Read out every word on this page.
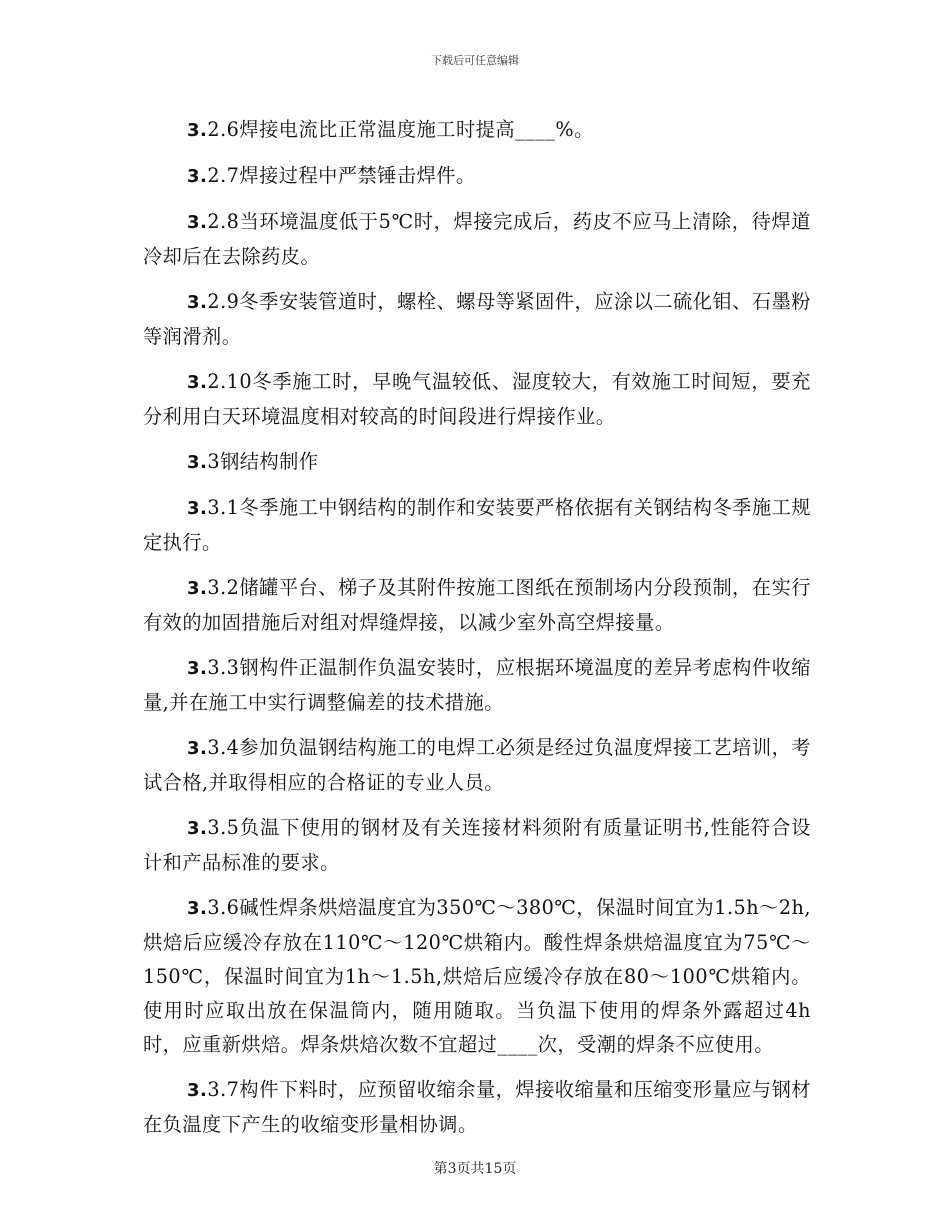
下载后可任意编辑

3.2.6焊接电流比正常温度施工时提高____%。

3.2.7焊接过程中严禁锤击焊件。

3.2.8当环境温度低于5℃时，焊接完成后，药皮不应马上清除，待焊道冷却后在去除药皮。

3.2.9冬季安装管道时，螺栓、螺母等紧固件，应涂以二硫化钼、石墨粉等润滑剂。

3.2.10冬季施工时，早晚气温较低、湿度较大，有效施工时间短，要充分利用白天环境温度相对较高的时间段进行焊接作业。

3.3钢结构制作

3.3.1冬季施工中钢结构的制作和安装要严格依据有关钢结构冬季施工规定执行。

3.3.2储罐平台、梯子及其附件按施工图纸在预制场内分段预制，在实行有效的加固措施后对组对焊缝焊接，以减少室外高空焊接量。

3.3.3钢构件正温制作负温安装时，应根据环境温度的差异考虑构件收缩量,并在施工中实行调整偏差的技术措施。

3.3.4参加负温钢结构施工的电焊工必须是经过负温度焊接工艺培训，考试合格,并取得相应的合格证的专业人员。

3.3.5负温下使用的钢材及有关连接材料须附有质量证明书,性能符合设计和产品标准的要求。

3.3.6碱性焊条烘焙温度宜为350℃～380℃，保温时间宜为1.5h～2h,烘焙后应缓冷存放在110℃～120℃烘箱内。酸性焊条烘焙温度宜为75℃～150℃，保温时间宜为1h～1.5h,烘焙后应缓冷存放在80～100℃烘箱内。使用时应取出放在保温筒内，随用随取。当负温下使用的焊条外露超过4h时，应重新烘焙。焊条烘焙次数不宜超过____次，受潮的焊条不应使用。

3.3.7构件下料时，应预留收缩余量，焊接收缩量和压缩变形量应与钢材在负温度下产生的收缩变形量相协调。

第3页共15页
